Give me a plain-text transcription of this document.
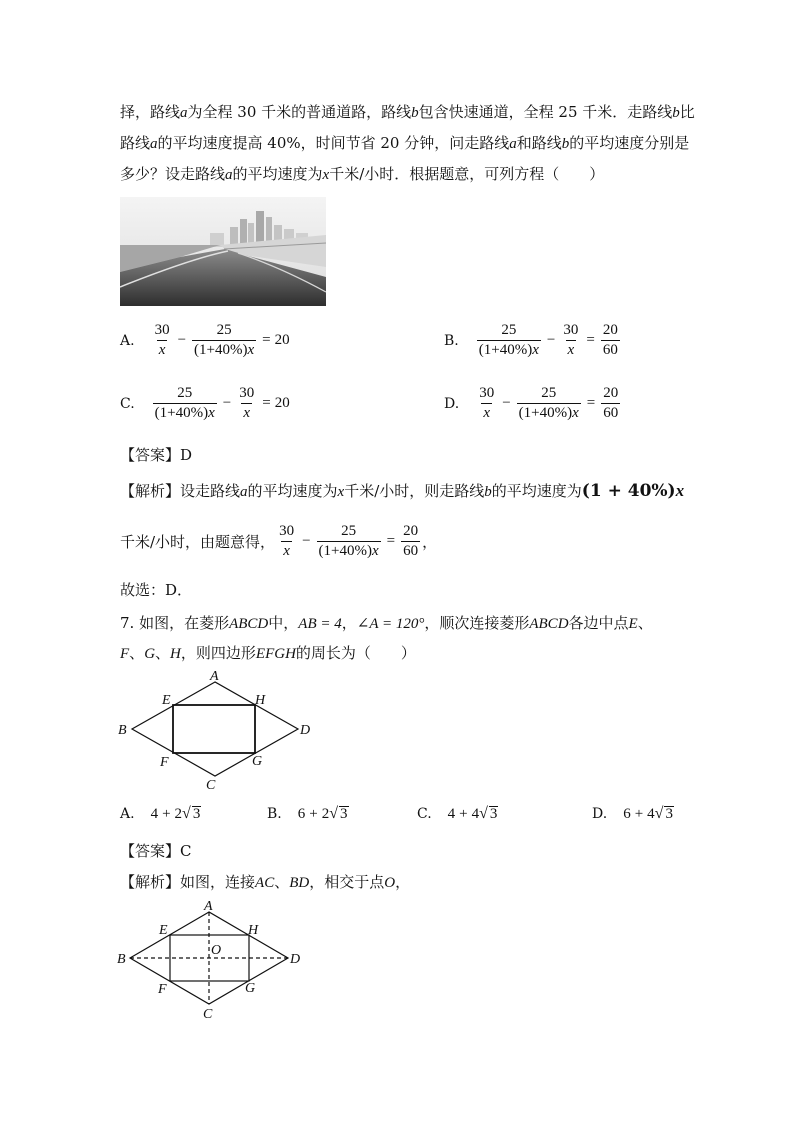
择，路线a为全程 30 千米的普通道路，路线b包含快速通道，全程 25 千米．走路线b比
路线a的平均速度提高 40%，时间节省 20 分钟，问走路线a和路线b的平均速度分别是
多少？设走路线a的平均速度为x千米/小时．根据题意，可列方程（　　）
A. $\frac{30}{x} - \frac{25}{(1+40\%)x} = 20$	B. $\frac{25}{(1+40\%)x} - \frac{30}{x} = \frac{20}{60}$
C. $\frac{25}{(1+40\%)x} - \frac{30}{x} = 20$	D. $\frac{30}{x} - \frac{25}{(1+40\%)x} = \frac{20}{60}$
【答案】D
【解析】设走路线a的平均速度为x千米/小时，则走路线b的平均速度为(1 + 40%)x
千米/小时，由题意得， $\frac{30}{x} - \frac{25}{(1+40\%)x} = \frac{20}{60}$ ，
故选：D．
7. 如图，在菱形ABCD中，AB = 4，∠A = 120°，顺次连接菱形ABCD各边中点E、
F、G、H，则四边形EFGH的周长为（　　）
A
B
C
D
E
F	G
H
A. 4 + 2 √ 3	B. 6 + 2 √ 3	C. 4 + 4 √ 3	D. 6 + 4 √ 3
【答案】C
【解析】如图，连接AC、BD，相交于点O，
A
B
C
D
E
F	G
H
O
